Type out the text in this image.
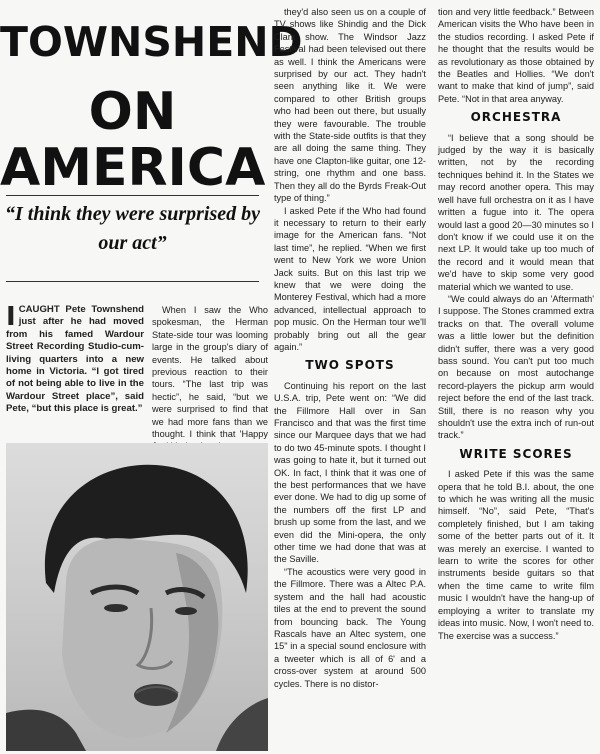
TOWNSHEND
ON
AMERICA
“I think they were surprised by our act”
I CAUGHT Pete Townshend just after he had moved from his famed Wardour Street Recording Studio-cum-living quarters into a new home in Victoria. “I got tired of not being able to live in the Wardour Street place”, said Pete, “but this place is great.”

When I saw the Who spokesman, the Herman State-side tour was looming large in the group's diary of events. He talked about previous reaction to their tours. “The last trip was hectic”, he said, “but we were surprised to find that we had more fans than we thought. I think that 'Happy

they'd also seen us on a couple of TV shows like Shindig and the Dick Clark show. The Windsor Jazz Festival had been televised out there as well. I think the Americans were surprised by our act. They hadn't seen anything like it. We were compared to other British groups who had been out there, but usually they were favourable. The trouble with the State-side outfits is that they are all doing the same thing. They have one Clapton-like guitar, one 12-string, one rhythm and one bass. Then they all do the Byrds Freak-Out type of thing.”

I asked Pete if the Who had found it necessary to return to their early image for the American fans. “Not last time”, he replied. “When we first went to New York we wore Union Jack suits. But on this last trip we knew that we were doing the Monterey Festival, which had a more advanced, intellectual approach to pop music. On the Herman tour we'll probably bring out all the gear again.”

TWO SPOTS

Continuing his report on the last U.S.A. trip, Pete went on: “We did the Fillmore Hall over in San Francisco and that was the first time since our Marquee days that we had to do two 45-minute spots. I thought I was going to hate it, but it turned out OK. In fact, I think that it was one of the best performances that we have ever done. We had to dig up some of the numbers off the first LP and brush up some from the last, and we even did the Mini-opera, the only other time we had done that was at the Saville.

“The acoustics were very good in the Fillmore. There was a Altec P.A. system and the hall had acoustic tiles at the end to prevent the sound from bouncing back. The Young Rascals have an Altec system, one 15" in a special sound enclosure with a tweeter which is all of 6' and a cross-over system at around 500 cycles. There is no distor-

tion and very little feedback.” Between American visits the Who have been in the studios recording. I asked Pete if he thought that the results would be as revolutionary as those obtained by the Beatles and Hollies. “We don't want to make that kind of jump”, said Pete. “Not in that area anyway.

ORCHESTRA

“I believe that a song should be judged by the way it is basically written, not by the recording techniques behind it. In the States we may record another opera. This may well have full orchestra on it as I have written a fugue into it. The opera would last a good 20—30 minutes so I don't know if we could use it on the next LP. It would take up too much of the record and it would mean that we'd have to skip some very good material which we wanted to use.

“We could always do an 'Aftermath' I suppose. The Stones crammed extra tracks on that. The overall volume was a little lower but the definition didn't suffer, there was a very good bass sound. You can't put too much on because on most autochange record-players the pickup arm would reject before the end of the last track. Still, there is no reason why you shouldn't use the extra inch of run-out track.”

WRITE SCORES

I asked Pete if this was the same opera that he told B.I. about, the one to which he was writing all the music himself. “No”, said Pete, “That's completely finished, but I am taking some of the better parts out of it. It was merely an exercise. I wanted to learn to write the scores for other instruments beside guitars so that when the time came to write film music I wouldn't have the hang-up of employing a writer to translate my ideas into music. Now, I won't need to. The exercise was a success.”
